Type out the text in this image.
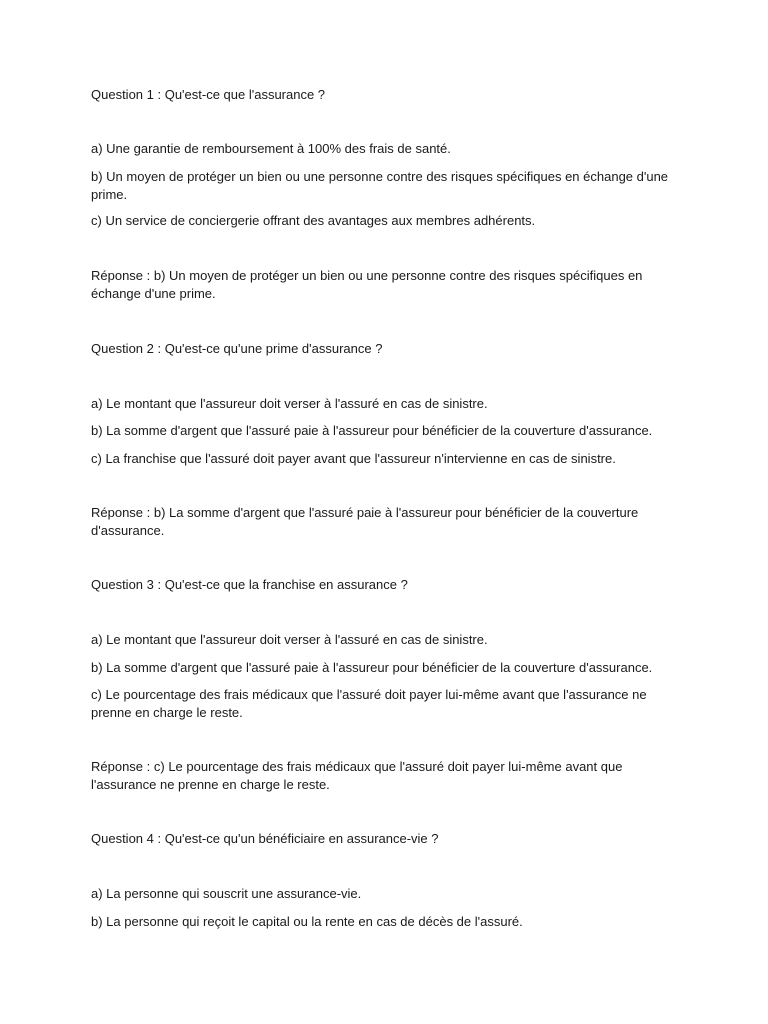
Question 1 : Qu'est-ce que l'assurance ?
a) Une garantie de remboursement à 100% des frais de santé.
b) Un moyen de protéger un bien ou une personne contre des risques spécifiques en échange d'une prime.
c) Un service de conciergerie offrant des avantages aux membres adhérents.
Réponse : b) Un moyen de protéger un bien ou une personne contre des risques spécifiques en échange d'une prime.
Question 2 : Qu'est-ce qu'une prime d'assurance ?
a) Le montant que l'assureur doit verser à l'assuré en cas de sinistre.
b) La somme d'argent que l'assuré paie à l'assureur pour bénéficier de la couverture d'assurance.
c) La franchise que l'assuré doit payer avant que l'assureur n'intervienne en cas de sinistre.
Réponse : b) La somme d'argent que l'assuré paie à l'assureur pour bénéficier de la couverture d'assurance.
Question 3 : Qu'est-ce que la franchise en assurance ?
a) Le montant que l'assureur doit verser à l'assuré en cas de sinistre.
b) La somme d'argent que l'assuré paie à l'assureur pour bénéficier de la couverture d'assurance.
c) Le pourcentage des frais médicaux que l'assuré doit payer lui-même avant que l'assurance ne prenne en charge le reste.
Réponse : c) Le pourcentage des frais médicaux que l'assuré doit payer lui-même avant que l'assurance ne prenne en charge le reste.
Question 4 : Qu'est-ce qu'un bénéficiaire en assurance-vie ?
a) La personne qui souscrit une assurance-vie.
b) La personne qui reçoit le capital ou la rente en cas de décès de l'assuré.
